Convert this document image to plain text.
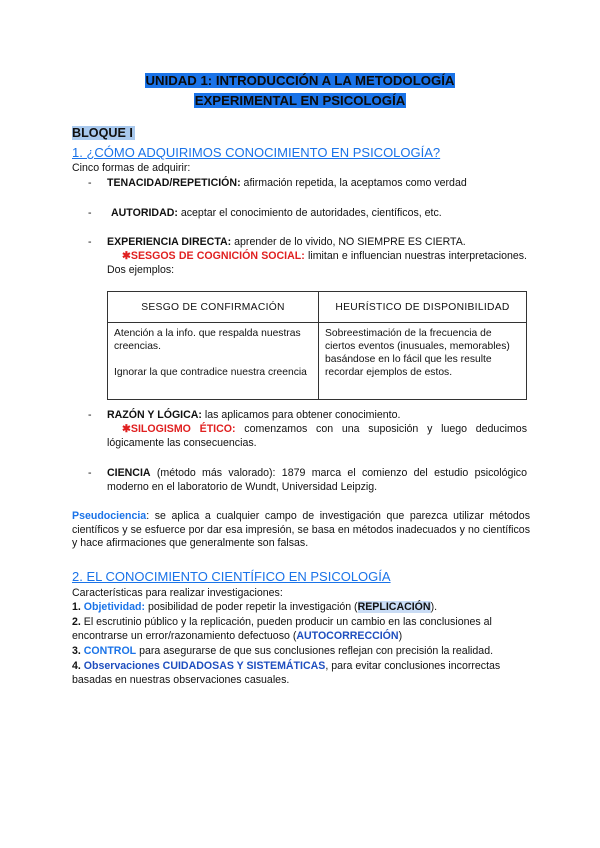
UNIDAD 1: INTRODUCCIÓN A LA METODOLOGÍA
EXPERIMENTAL EN PSICOLOGÍA
BLOQUE I
1. ¿CÓMO ADQUIRIMOS CONOCIMIENTO EN PSICOLOGÍA?
Cinco formas de adquirir:
- TENACIDAD/REPETICIÓN: afirmación repetida, la aceptamos como verdad
- AUTORIDAD: aceptar el conocimiento de autoridades, científicos, etc.
- EXPERIENCIA DIRECTA: aprender de lo vivido, NO SIEMPRE ES CIERTA.
✱SESGOS DE COGNICIÓN SOCIAL: limitan e influencian nuestras interpretaciones. Dos ejemplos:
SESGO DE CONFIRMACIÓN	HEURÍSTICO DE DISPONIBILIDAD

Atención a la info. que respalda nuestras creencias.
Ignorar la que contradice nuestra creencia	Sobreestimación de la frecuencia de ciertos eventos (inusuales, memorables) basándose en lo fácil que les resulte recordar ejemplos de estos.
- RAZÓN Y LÓGICA: las aplicamos para obtener conocimiento.
✱SILOGISMO ÉTICO: comenzamos con una suposición y luego deducimos lógicamente las consecuencias.
- CIENCIA (método más valorado): 1879 marca el comienzo del estudio psicológico moderno en el laboratorio de Wundt, Universidad Leipzig.
Pseudociencia: se aplica a cualquier campo de investigación que parezca utilizar métodos científicos y se esfuerce por dar esa impresión, se basa en métodos inadecuados y no científicos y hace afirmaciones que generalmente son falsas.
2. EL CONOCIMIENTO CIENTÍFICO EN PSICOLOGÍA
Características para realizar investigaciones:
1. Objetividad: posibilidad de poder repetir la investigación (REPLICACIÓN).
2. El escrutinio público y la replicación, pueden producir un cambio en las conclusiones al encontrarse un error/razonamiento defectuoso (AUTOCORRECCIÓN)
3. CONTROL para asegurarse de que sus conclusiones reflejan con precisión la realidad.
4. Observaciones CUIDADOSAS Y SISTEMÁTICAS, para evitar conclusiones incorrectas basadas en nuestras observaciones casuales.
